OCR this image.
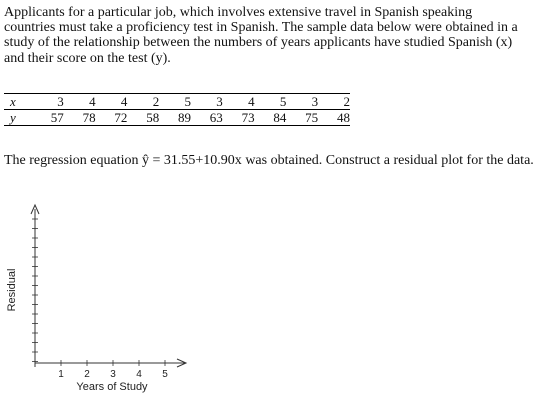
Applicants for a particular job, which involves extensive travel in Spanish speaking
countries must take a proficiency test in Spanish. The sample data below were obtained in a
study of the relationship between the numbers of years applicants have studied Spanish (x)
and their score on the test (y).
x	3	4	4	2	5	3	4	5	3	2
y	57	78	72	58	89	63	73	84	75	48
The regression equation ŷ = 31.55+10.90x was obtained. Construct a residual plot for the data.
1 2 3 4 5
Residual
Years of Study
